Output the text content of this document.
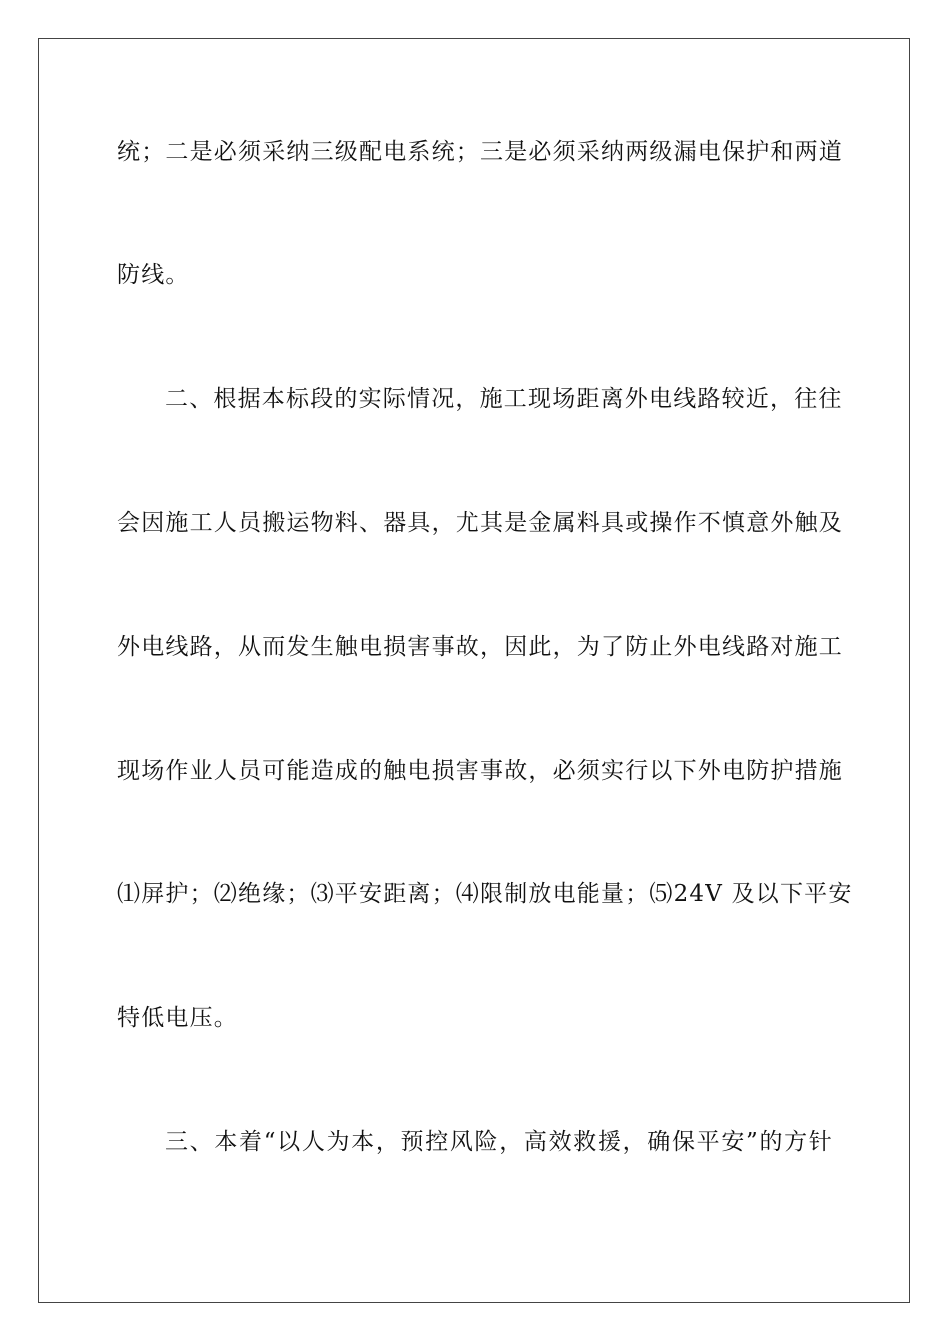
统；二是必须采纳三级配电系统；三是必须采纳两级漏电保护和两道
防线。
二、根据本标段的实际情况，施工现场距离外电线路较近，往往
会因施工人员搬运物料、器具，尤其是金属料具或操作不慎意外触及
外电线路，从而发生触电损害事故，因此，为了防止外电线路对施工
现场作业人员可能造成的触电损害事故，必须实行以下外电防护措施
⑴屏护；⑵绝缘；⑶平安距离；⑷限制放电能量；⑸24V 及以下平安
特低电压。
三、本着“以人为本，预控风险，高效救援，确保平安”的方针
